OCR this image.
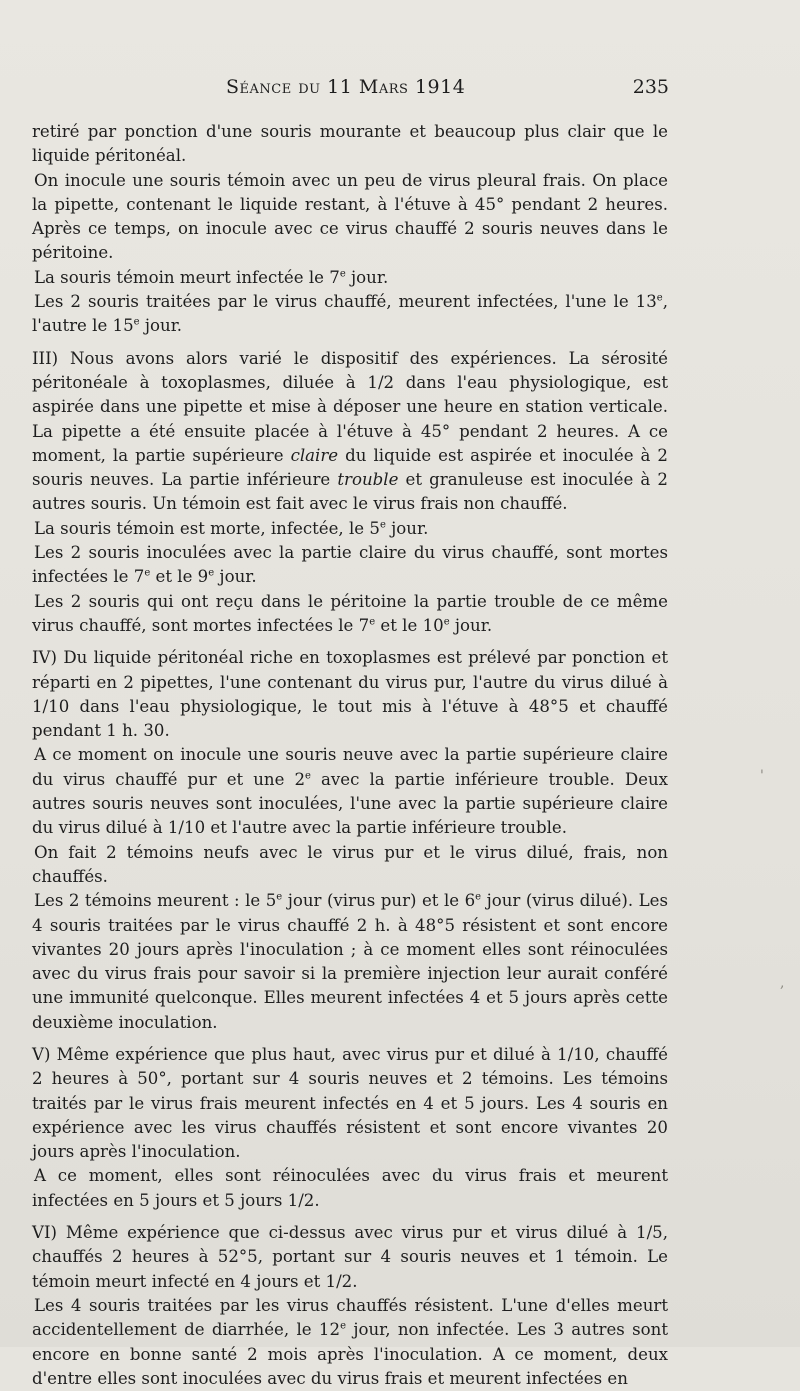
Séance du 11 Mars 1914	235

retiré par ponction d'une souris mourante et beaucoup plus clair que le liquide péritonéal.

On inocule une souris témoin avec un peu de virus pleural frais. On place la pipette, contenant le liquide restant, à l'étuve à 45° pendant 2 heures. Après ce temps, on inocule avec ce virus chauffé 2 souris neuves dans le péritoine.

La souris témoin meurt infectée le 7e jour.

Les 2 souris traitées par le virus chauffé, meurent infectées, l'une le 13e, l'autre le 15e jour.

III) Nous avons alors varié le dispositif des expériences. La sérosité péritonéale à toxoplasmes, diluée à 1/2 dans l'eau physiologique, est aspirée dans une pipette et mise à déposer une heure en station verticale. La pipette a été ensuite placée à l'étuve à 45° pendant 2 heures. A ce moment, la partie supérieure claire du liquide est aspirée et inoculée à 2 souris neuves. La partie inférieure trouble et granuleuse est inoculée à 2 autres souris. Un témoin est fait avec le virus frais non chauffé.

La souris témoin est morte, infectée, le 5e jour.

Les 2 souris inoculées avec la partie claire du virus chauffé, sont mortes infectées le 7e et le 9e jour.

Les 2 souris qui ont reçu dans le péritoine la partie trouble de ce même virus chauffé, sont mortes infectées le 7e et le 10e jour.

IV) Du liquide péritonéal riche en toxoplasmes est prélevé par ponction et réparti en 2 pipettes, l'une contenant du virus pur, l'autre du virus dilué à 1/10 dans l'eau physiologique, le tout mis à l'étuve à 48°5 et chauffé pendant 1 h. 30.

A ce moment on inocule une souris neuve avec la partie supérieure claire du virus chauffé pur et une 2e avec la partie inférieure trouble. Deux autres souris neuves sont inoculées, l'une avec la partie supérieure claire du virus dilué à 1/10 et l'autre avec la partie inférieure trouble.

On fait 2 témoins neufs avec le virus pur et le virus dilué, frais, non chauffés.

Les 2 témoins meurent : le 5e jour (virus pur) et le 6e jour (virus dilué). Les 4 souris traitées par le virus chauffé 2 h. à 48°5 résistent et sont encore vivantes 20 jours après l'inoculation ; à ce moment elles sont réinoculées avec du virus frais pour savoir si la première injection leur aurait conféré une immunité quelconque. Elles meurent infectées 4 et 5 jours après cette deuxième inoculation.

V) Même expérience que plus haut, avec virus pur et dilué à 1/10, chauffé 2 heures à 50°, portant sur 4 souris neuves et 2 témoins. Les témoins traités par le virus frais meurent infectés en 4 et 5 jours. Les 4 souris en expérience avec les virus chauffés résistent et sont encore vivantes 20 jours après l'inoculation.

A ce moment, elles sont réinoculées avec du virus frais et meurent infectées en 5 jours et 5 jours 1/2.

VI) Même expérience que ci-dessus avec virus pur et virus dilué à 1/5, chauffés 2 heures à 52°5, portant sur 4 souris neuves et 1 témoin. Le témoin meurt infecté en 4 jours et 1/2.

Les 4 souris traitées par les virus chauffés résistent. L'une d'elles meurt accidentellement de diarrhée, le 12e jour, non infectée. Les 3 autres sont encore en bonne santé 2 mois après l'inoculation. A ce moment, deux d'entre elles sont inoculées avec du virus frais et meurent infectées en

'
,
